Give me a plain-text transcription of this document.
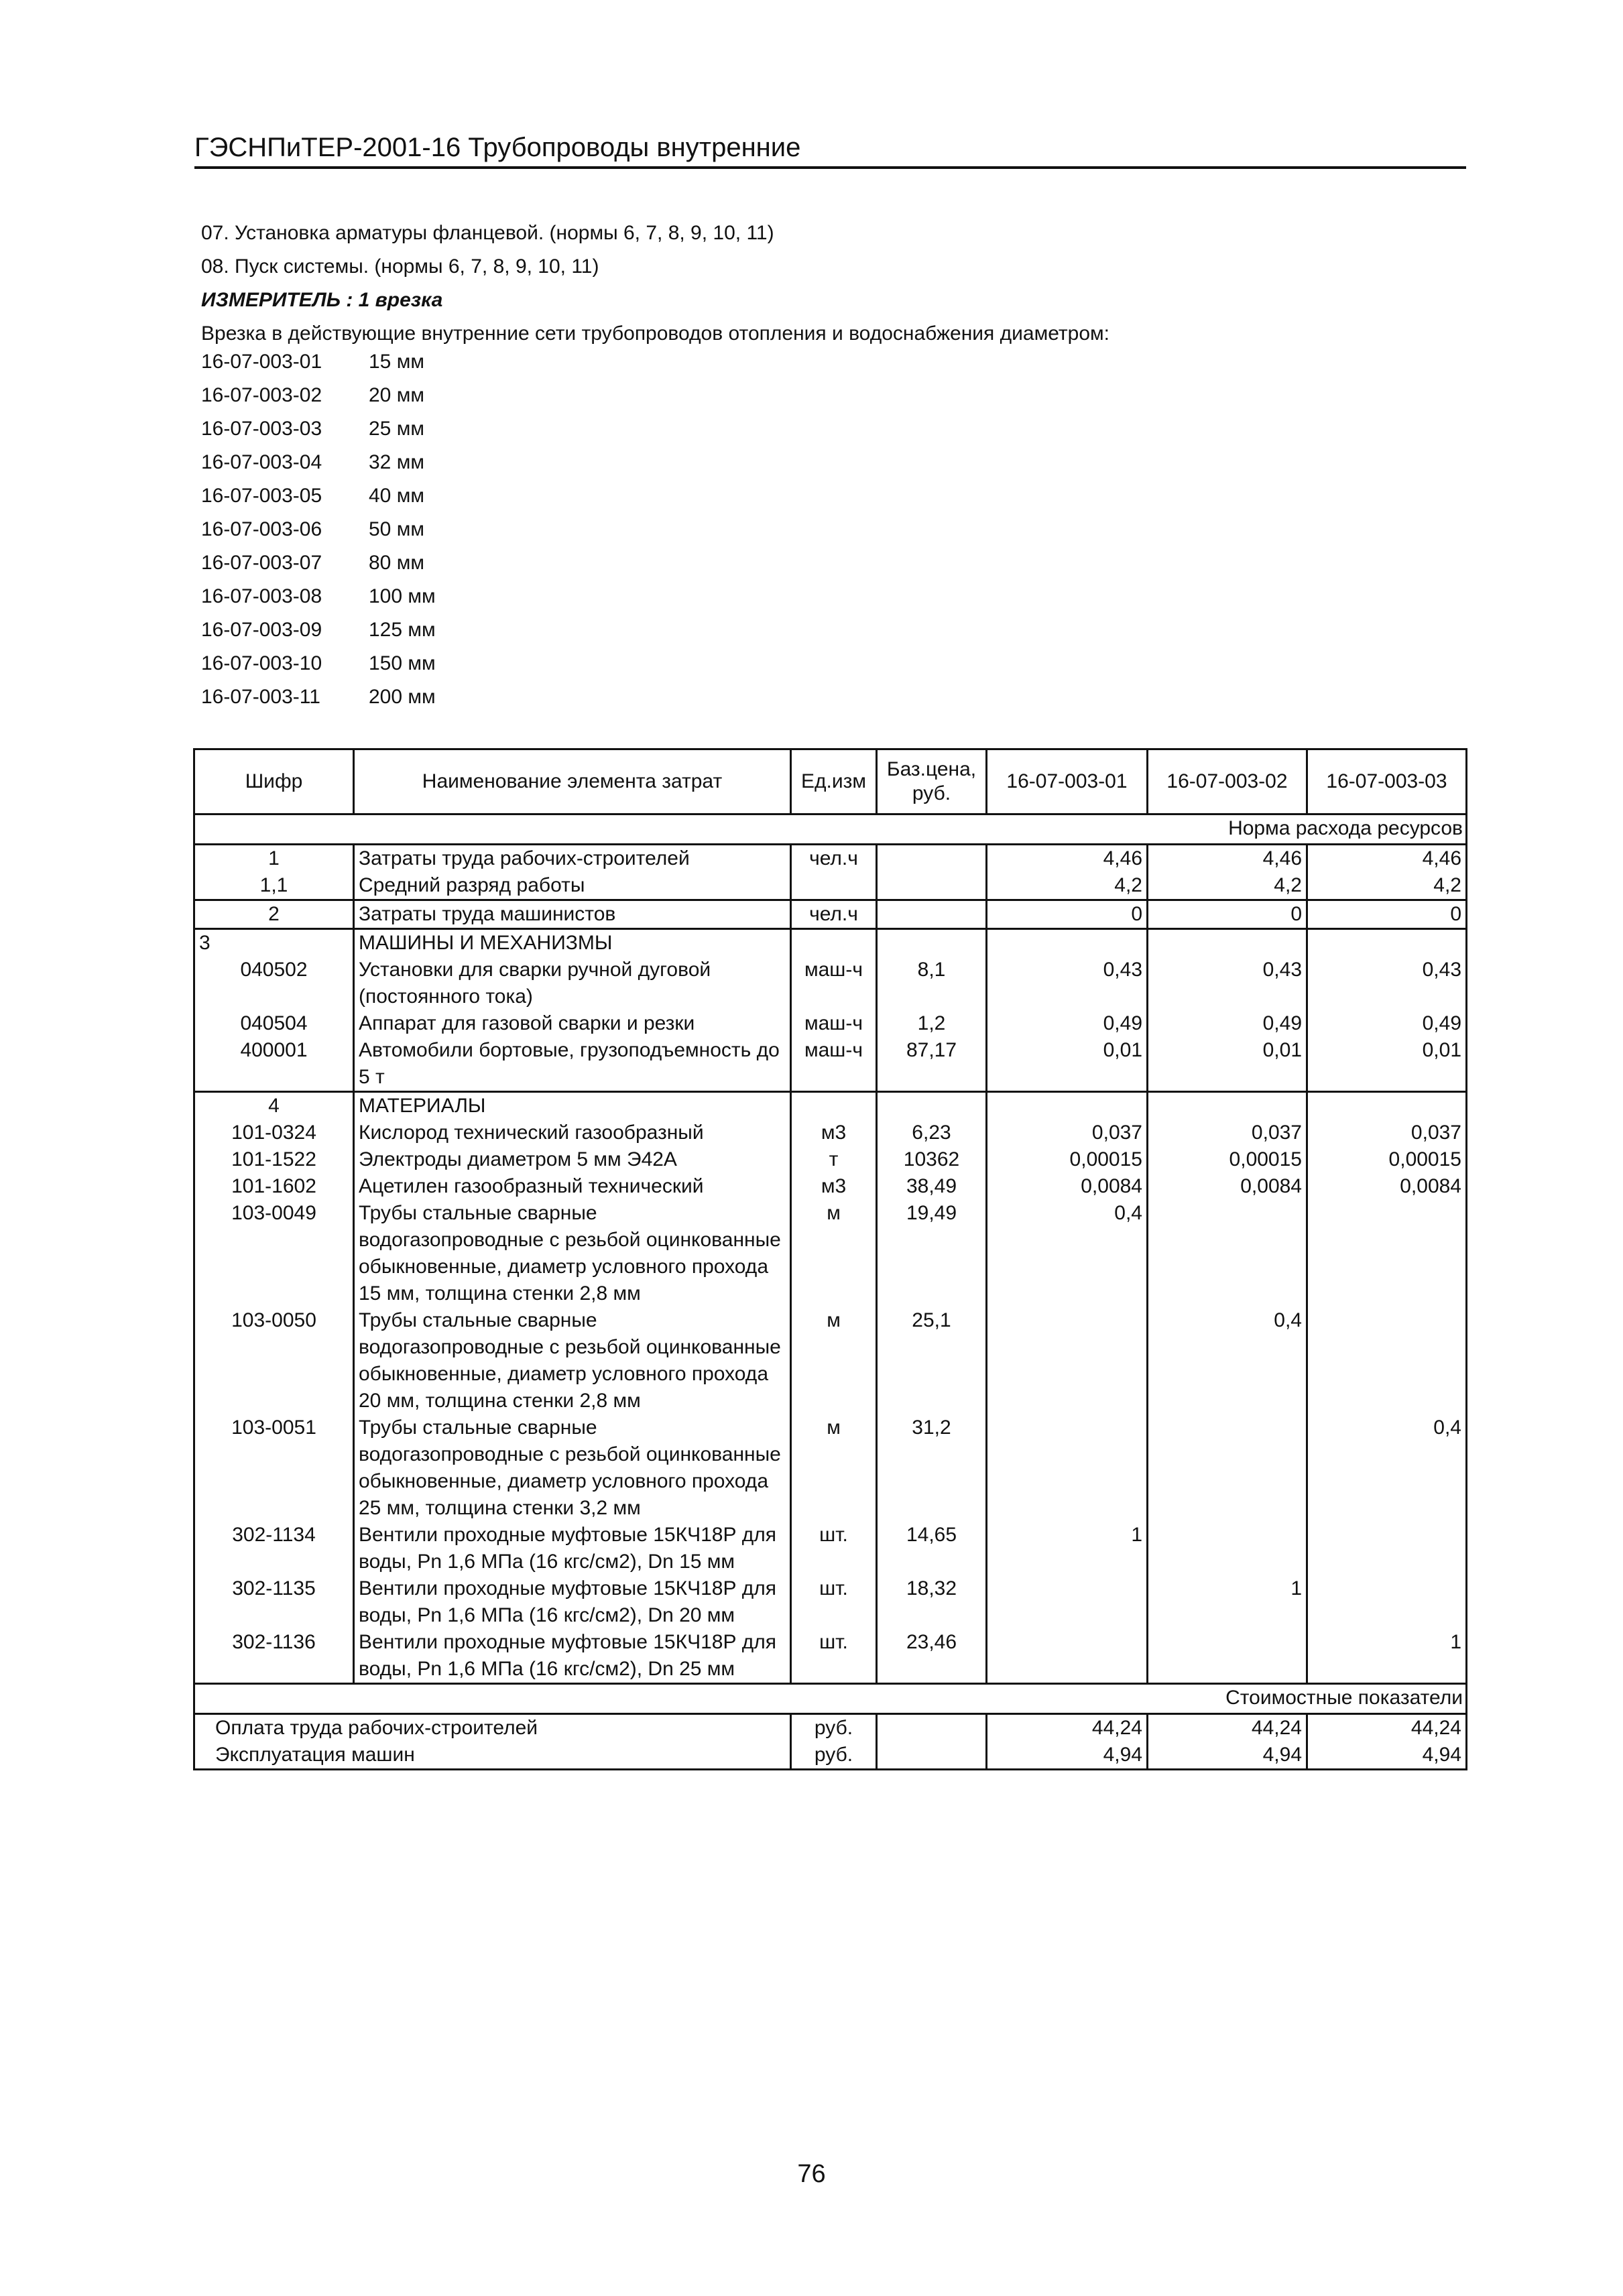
ГЭСНПиТЕР-2001-16 Трубопроводы внутренние
07. Установка арматуры фланцевой. (нормы 6, 7, 8, 9, 10, 11)
08. Пуск системы. (нормы 6, 7, 8, 9, 10, 11)
ИЗМЕРИТЕЛЬ : 1 врезка
Врезка в действующие внутренние сети трубопроводов отопления и водоснабжения диаметром:
16-07-003-01 15 мм
16-07-003-02 20 мм
16-07-003-03 25 мм
16-07-003-04 32 мм
16-07-003-05 40 мм
16-07-003-06 50 мм
16-07-003-07 80 мм
16-07-003-08 100 мм
16-07-003-09 125 мм
16-07-003-10 150 мм
16-07-003-11 200 мм
Шифр	Наименование элемента затрат	Ед.изм	Баз.цена, руб.	16-07-003-01	16-07-003-02	16-07-003-03
Норма расхода ресурсов						
1	Затраты труда рабочих-строителей	чел.ч		4,46	4,46	4,46
1,1	Средний разряд работы			4,2	4,2	4,2
2	Затраты труда машинистов	чел.ч		0	0	0
3	МАШИНЫ И МЕХАНИЗМЫ					
040502	Установки для сварки ручной дуговой (постоянного тока)	маш-ч	8,1	0,43	0,43	0,43
040504	Аппарат для газовой сварки и резки	маш-ч	1,2	0,49	0,49	0,49
400001	Автомобили бортовые, грузоподъемность до 5 т	маш-ч	87,17	0,01	0,01	0,01
4	МАТЕРИАЛЫ					
101-0324	Кислород технический газообразный	м3	6,23	0,037	0,037	0,037
101-1522	Электроды диаметром 5 мм Э42А	т	10362	0,00015	0,00015	0,00015
101-1602	Ацетилен газообразный технический	м3	38,49	0,0084	0,0084	0,0084
103-0049	Трубы стальные сварные водогазопроводные с резьбой оцинкованные обыкновенные, диаметр условного прохода 15 мм, толщина стенки 2,8 мм	м	19,49	0,4		
103-0050	Трубы стальные сварные водогазопроводные с резьбой оцинкованные обыкновенные, диаметр условного прохода 20 мм, толщина стенки 2,8 мм	м	25,1		0,4	
103-0051	Трубы стальные сварные водогазопроводные с резьбой оцинкованные обыкновенные, диаметр условного прохода 25 мм, толщина стенки 3,2 мм	м	31,2			0,4
302-1134	Вентили проходные муфтовые 15КЧ18Р для воды, Pn 1,6 МПа (16 кгс/см2), Dn 15 мм	шт.	14,65	1		
302-1135	Вентили проходные муфтовые 15КЧ18Р для воды, Pn 1,6 МПа (16 кгс/см2), Dn 20 мм	шт.	18,32		1	
302-1136	Вентили проходные муфтовые 15КЧ18Р для воды, Pn 1,6 МПа (16 кгс/см2), Dn 25 мм	шт.	23,46			1
Стоимостные показатели						
Оплата труда рабочих-строителей		руб.		44,24	44,24	44,24
Эксплуатация машин		руб.		4,94	4,94	4,94
76
